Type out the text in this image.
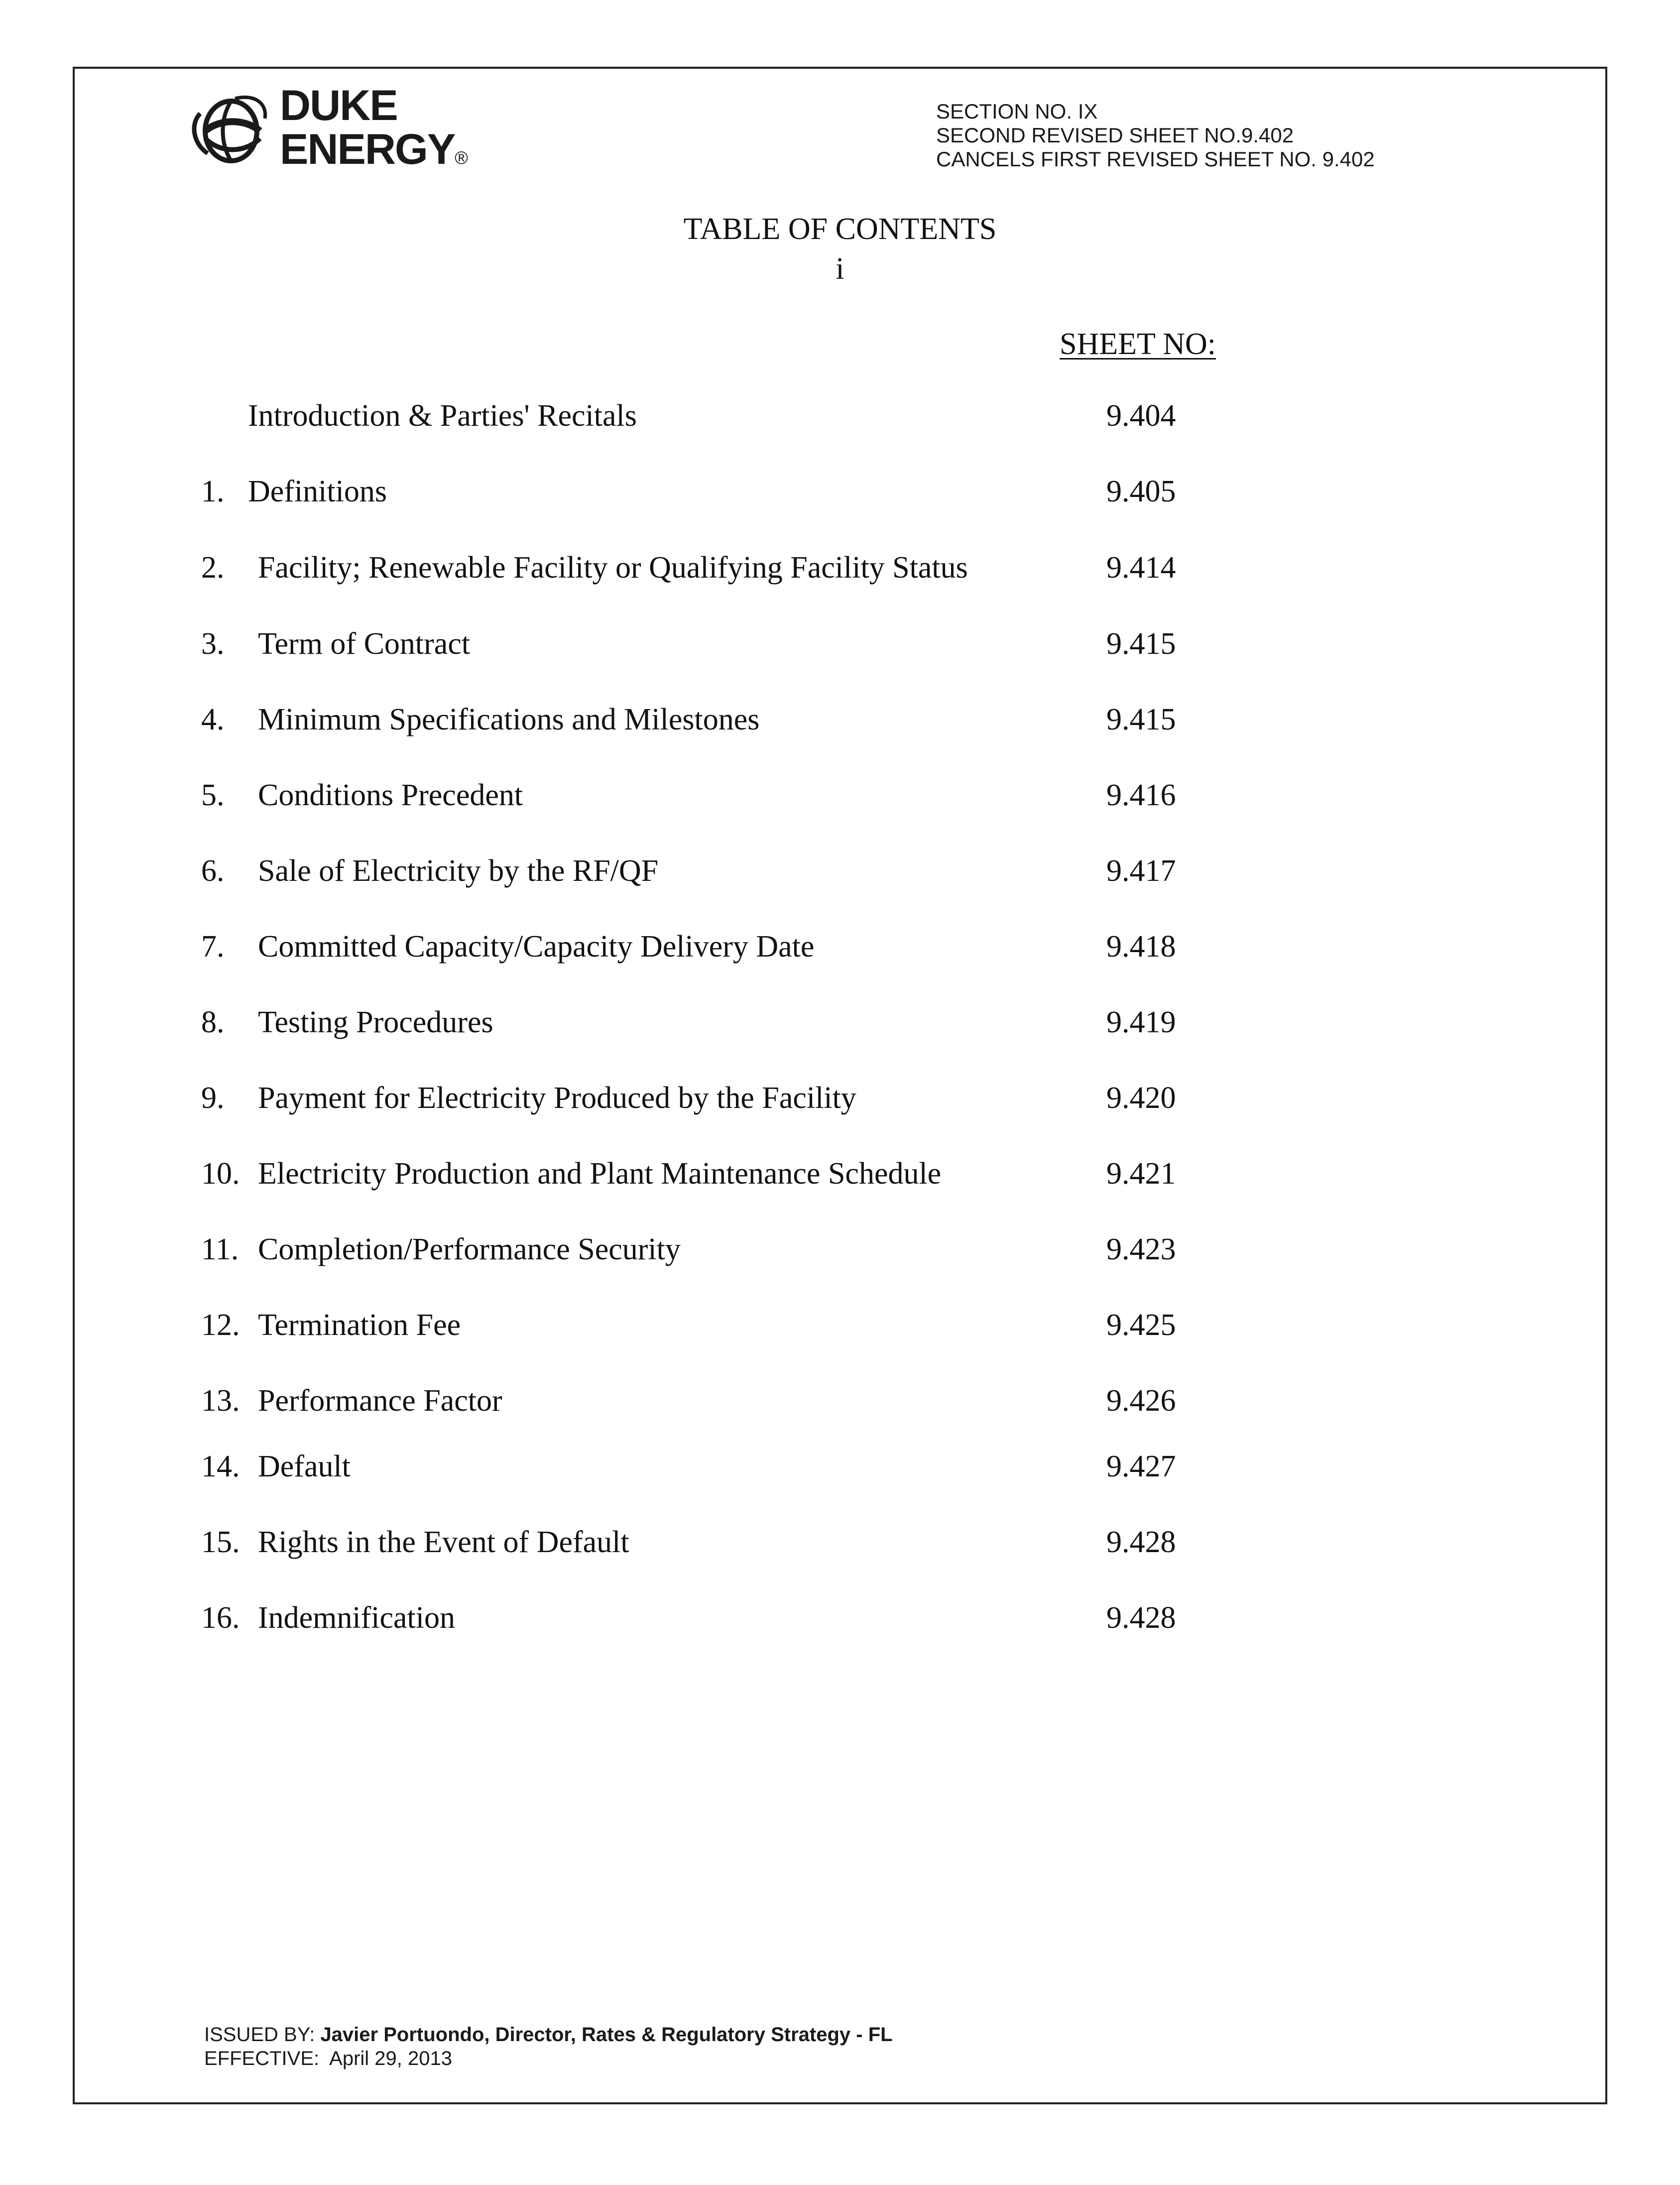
DUKE
ENERGY®
SECTION NO. IX
SECOND REVISED SHEET NO.9.402
CANCELS FIRST REVISED SHEET NO. 9.402
TABLE OF CONTENTS
i
SHEET NO:
Introduction & Parties' Recitals	9.404
1. Definitions	9.405
2. Facility; Renewable Facility or Qualifying Facility Status	9.414
3. Term of Contract	9.415
4. Minimum Specifications and Milestones	9.415
5. Conditions Precedent	9.416
6. Sale of Electricity by the RF/QF	9.417
7. Committed Capacity/Capacity Delivery Date	9.418
8. Testing Procedures	9.419
9. Payment for Electricity Produced by the Facility	9.420
10. Electricity Production and Plant Maintenance Schedule	9.421
11. Completion/Performance Security	9.423
12. Termination Fee	9.425
13. Performance Factor	9.426
14. Default	9.427
15. Rights in the Event of Default	9.428
16. Indemnification	9.428
ISSUED BY: Javier Portuondo, Director, Rates & Regulatory Strategy - FL
EFFECTIVE: April 29, 2013
